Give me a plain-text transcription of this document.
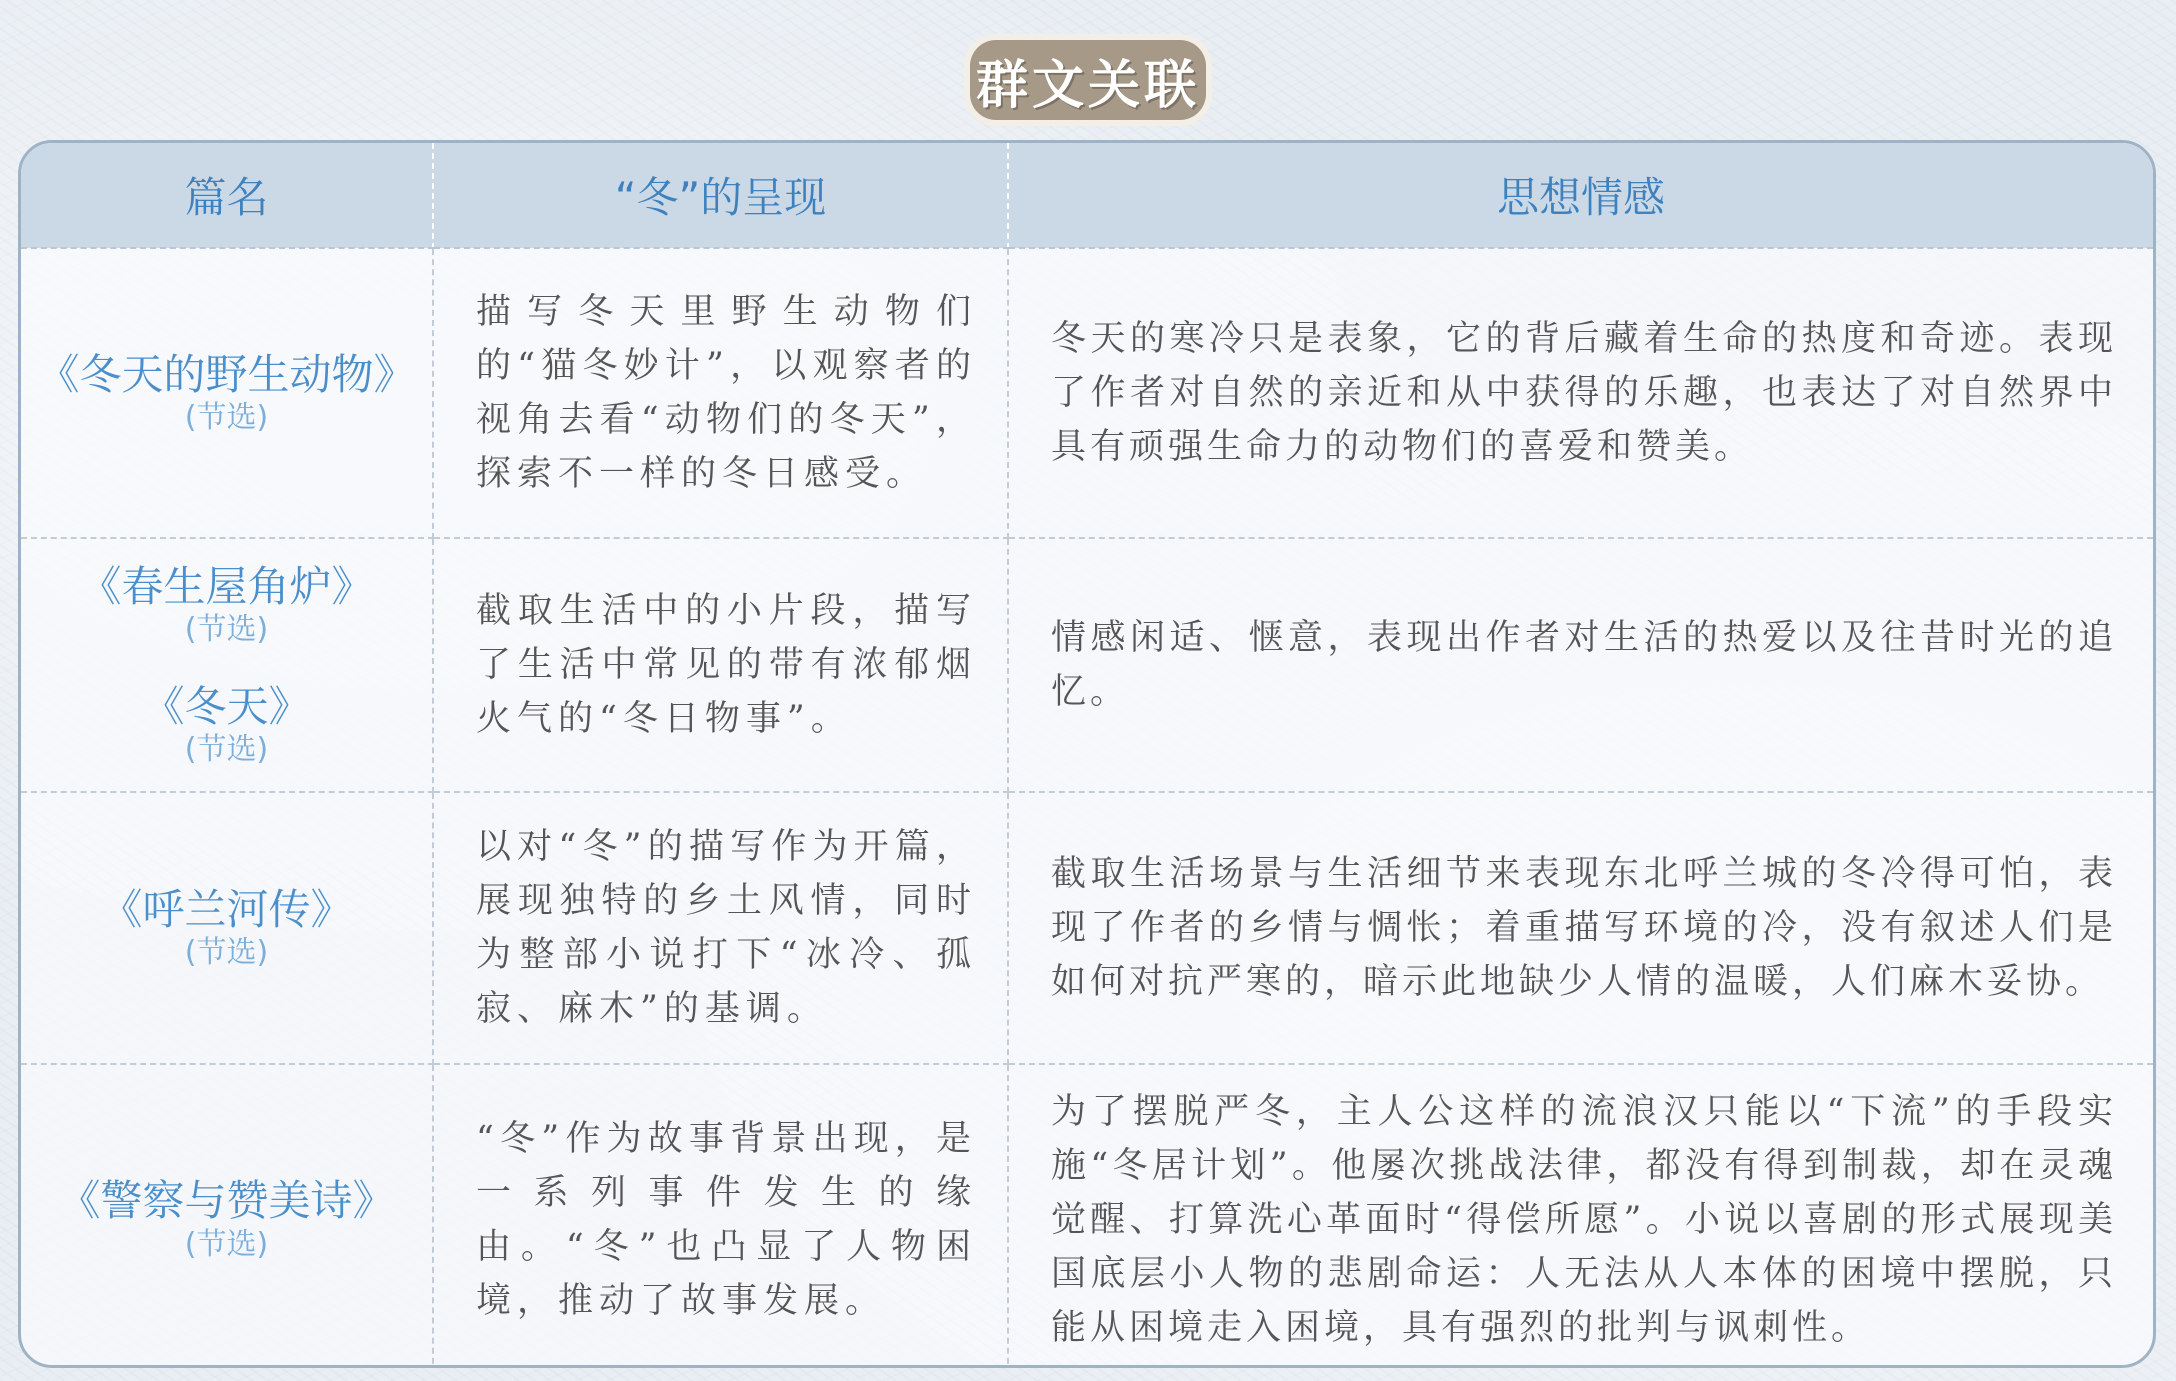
群文关联
篇名	“冬”的呈现	思想情感

《冬天的野生动物》
(节选)	描写冬天里野生动物们的“猫冬妙计”，以观察者的视角去看“动物们的冬天”，探索不一样的冬日感受。	冬天的寒冷只是表象，它的背后藏着生命的热度和奇迹。表现了作者对自然的亲近和从中获得的乐趣，也表达了对自然界中具有顽强生命力的动物们的喜爱和赞美。

《春生屋角炉》
(节选)
《冬天》
(节选)	截取生活中的小片段，描写了生活中常见的带有浓郁烟火气的“冬日物事”。	情感闲适、惬意，表现出作者对生活的热爱以及往昔时光的追忆。

《呼兰河传》
(节选)	以对“冬”的描写作为开篇，展现独特的乡土风情，同时为整部小说打下“冰冷、孤寂、麻木”的基调。	截取生活场景与生活细节来表现东北呼兰城的冬冷得可怕，表现了作者的乡情与惆怅；着重描写环境的冷，没有叙述人们是如何对抗严寒的，暗示此地缺少人情的温暖，人们麻木妥协。

《警察与赞美诗》
(节选)	“冬”作为故事背景出现，是一系列事件发生的缘由。“冬”也凸显了人物困境，推动了故事发展。	为了摆脱严冬，主人公这样的流浪汉只能以“下流”的手段实施“冬居计划”。他屡次挑战法律，都没有得到制裁，却在灵魂觉醒、打算洗心革面时“得偿所愿”。小说以喜剧的形式展现美国底层小人物的悲剧命运：人无法从人本体的困境中摆脱，只能从困境走入困境，具有强烈的批判与讽刺性。
